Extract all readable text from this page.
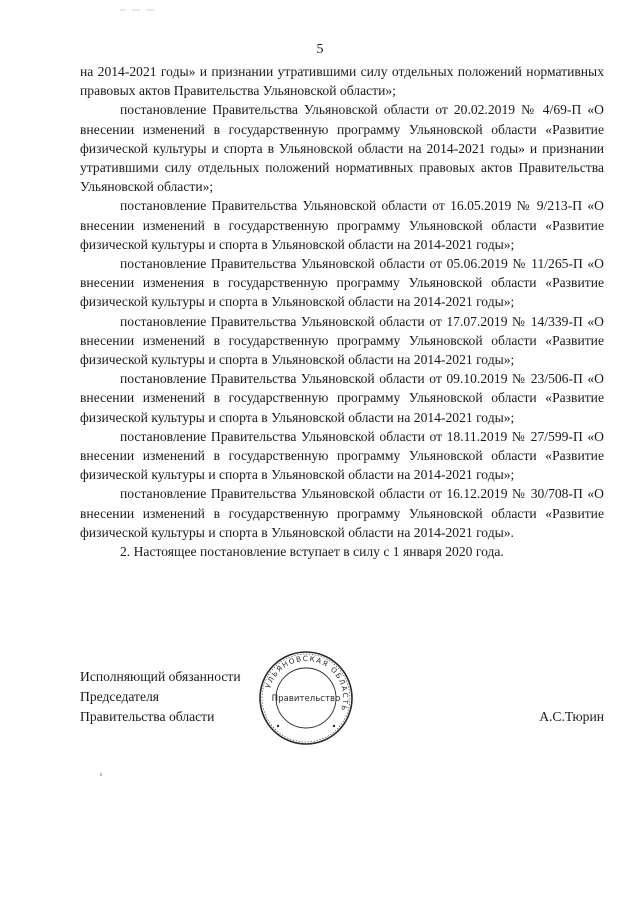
5

на 2014-2021 годы» и признании утратившими силу отдельных положений нормативных правовых актов Правительства Ульяновской области»;

постановление Правительства Ульяновской области от 20.02.2019 № 4/69-П «О внесении изменений в государственную программу Ульяновской области «Развитие физической культуры и спорта в Ульяновской области на 2014-2021 годы» и признании утратившими силу отдельных положений нормативных правовых актов Правительства Ульяновской области»;

постановление Правительства Ульяновской области от 16.05.2019 № 9/213-П «О внесении изменений в государственную программу Ульяновской области «Развитие физической культуры и спорта в Ульяновской области на 2014-2021 годы»;

постановление Правительства Ульяновской области от 05.06.2019 № 11/265-П «О внесении изменения в государственную программу Ульяновской области «Развитие физической культуры и спорта в Ульяновской области на 2014-2021 годы»;

постановление Правительства Ульяновской области от 17.07.2019 № 14/339-П «О внесении изменений в государственную программу Ульяновской области «Развитие физической культуры и спорта в Ульяновской области на 2014-2021 годы»;

постановление Правительства Ульяновской области от 09.10.2019 № 23/506-П «О внесении изменений в государственную программу Ульяновской области «Развитие физической культуры и спорта в Ульяновской области на 2014-2021 годы»;

постановление Правительства Ульяновской области от 18.11.2019 № 27/599-П «О внесении изменений в государственную программу Ульяновской области «Развитие физической культуры и спорта в Ульяновской области на 2014-2021 годы»;

постановление Правительства Ульяновской области от 16.12.2019 № 30/708-П «О внесении изменений в государственную программу Ульяновской области «Развитие физической культуры и спорта в Ульяновской области на 2014-2021 годы».

2. Настоящее постановление вступает в силу с 1 января 2020 года.

Исполняющий обязанности
Председателя
Правительства области	А.С.Тюрин
УЛЬЯНОВСКАЯ ОБЛАСТЬ
Правительство
